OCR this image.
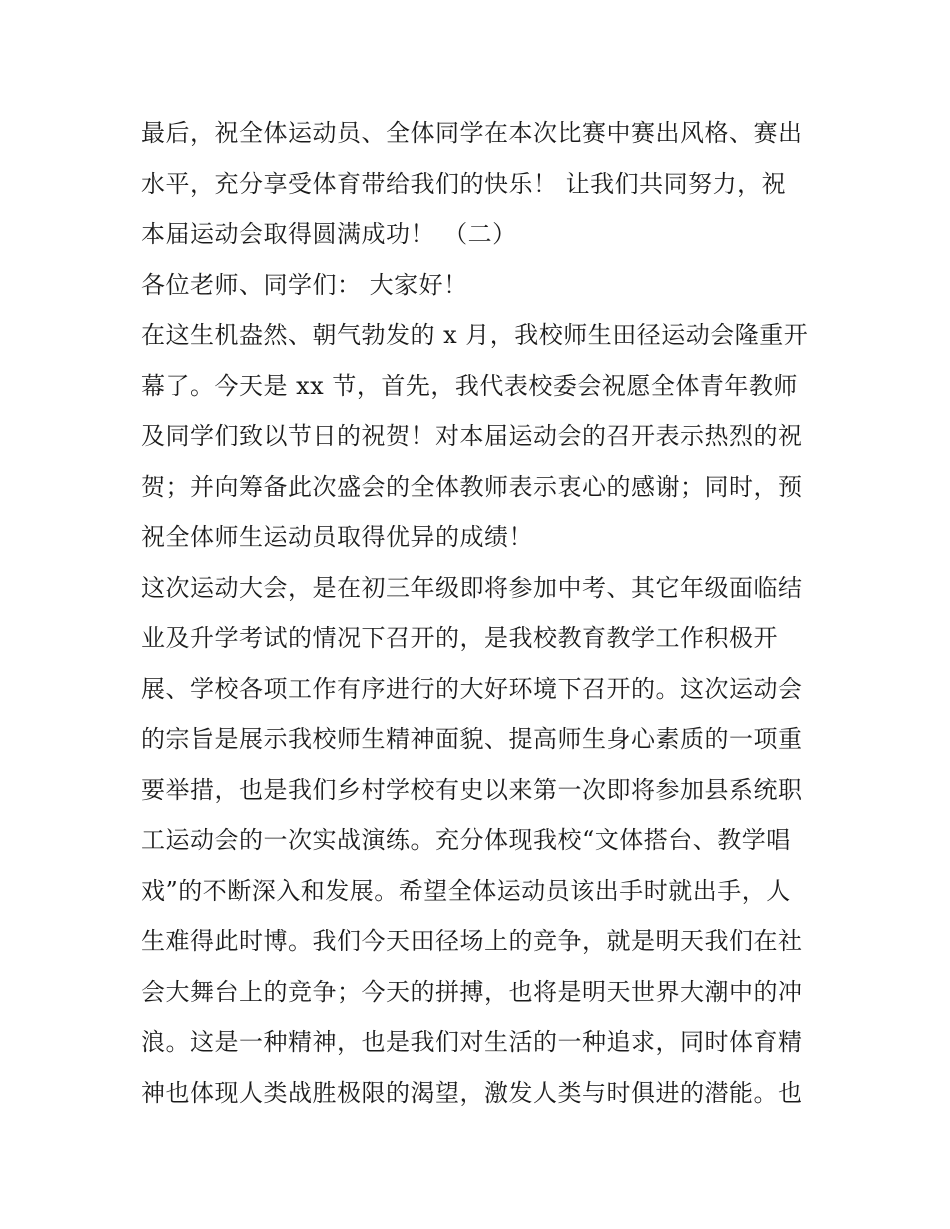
最后，祝全体运动员、全体同学在本次比赛中赛出风格、赛出
水平，充分享受体育带给我们的快乐！ 让我们共同努力，祝
本届运动会取得圆满成功！ （二）
各位老师、同学们： 大家好！
在这生机盎然、朝气勃发的 x 月，我校师生田径运动会隆重开
幕了。今天是 xx 节，首先，我代表校委会祝愿全体青年教师
及同学们致以节日的祝贺！对本届运动会的召开表示热烈的祝
贺；并向筹备此次盛会的全体教师表示衷心的感谢；同时，预
祝全体师生运动员取得优异的成绩！
这次运动大会，是在初三年级即将参加中考、其它年级面临结
业及升学考试的情况下召开的，是我校教育教学工作积极开
展、学校各项工作有序进行的大好环境下召开的。这次运动会
的宗旨是展示我校师生精神面貌、提高师生身心素质的一项重
要举措，也是我们乡村学校有史以来第一次即将参加县系统职
工运动会的一次实战演练。充分体现我校“文体搭台、教学唱
戏”的不断深入和发展。希望全体运动员该出手时就出手，人
生难得此时博。我们今天田径场上的竞争，就是明天我们在社
会大舞台上的竞争；今天的拼搏，也将是明天世界大潮中的冲
浪。这是一种精神，也是我们对生活的一种追求，同时体育精
神也体现人类战胜极限的渴望，激发人类与时俱进的潜能。也
